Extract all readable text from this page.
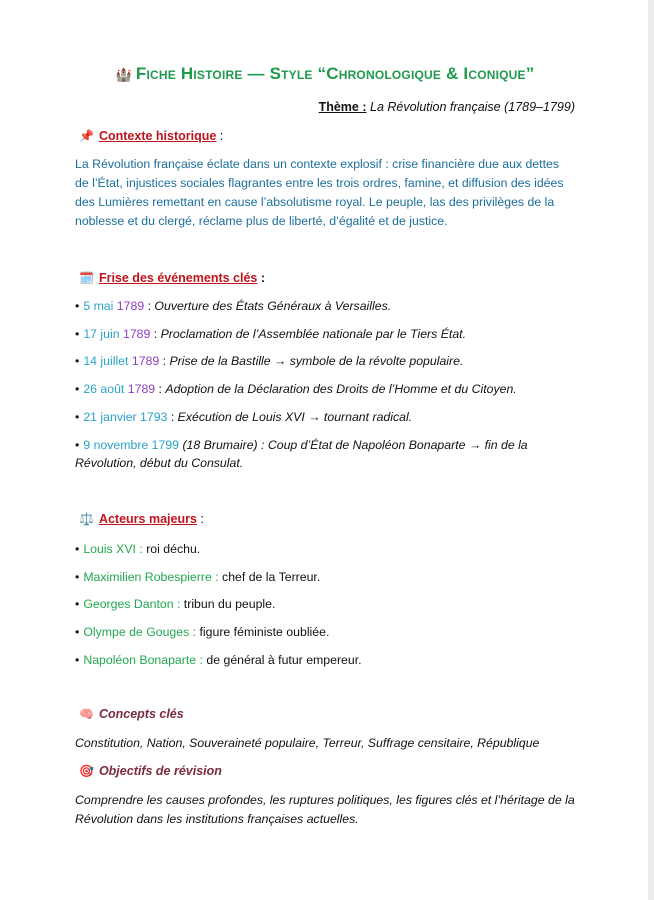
🏰 Fiche Histoire — Style “Chronologique & Iconique”
Thème : La Révolution française (1789–1799)
📌 Contexte historique :
La Révolution française éclate dans un contexte explosif : crise financière due aux dettes de l’État, injustices sociales flagrantes entre les trois ordres, famine, et diffusion des idées des Lumières remettant en cause l’absolutisme royal. Le peuple, las des privilèges de la noblesse et du clergé, réclame plus de liberté, d’égalité et de justice.
🗓️ Frise des événements clés :
• 5 mai 1789 : Ouverture des États Généraux à Versailles.
• 17 juin 1789 : Proclamation de l’Assemblée nationale par le Tiers État.
• 14 juillet 1789 : Prise de la Bastille → symbole de la révolte populaire.
• 26 août 1789 : Adoption de la Déclaration des Droits de l’Homme et du Citoyen.
• 21 janvier 1793 : Exécution de Louis XVI → tournant radical.
• 9 novembre 1799 (18 Brumaire) : Coup d’État de Napoléon Bonaparte → fin de la Révolution, début du Consulat.
⚖️ Acteurs majeurs :
• Louis XVI : roi déchu.
• Maximilien Robespierre : chef de la Terreur.
• Georges Danton : tribun du peuple.
• Olympe de Gouges : figure féministe oubliée.
• Napoléon Bonaparte : de général à futur empereur.
🧠 Concepts clés
Constitution, Nation, Souveraineté populaire, Terreur, Suffrage censitaire, République
🎯 Objectifs de révision
Comprendre les causes profondes, les ruptures politiques, les figures clés et l’héritage de la Révolution dans les institutions françaises actuelles.
